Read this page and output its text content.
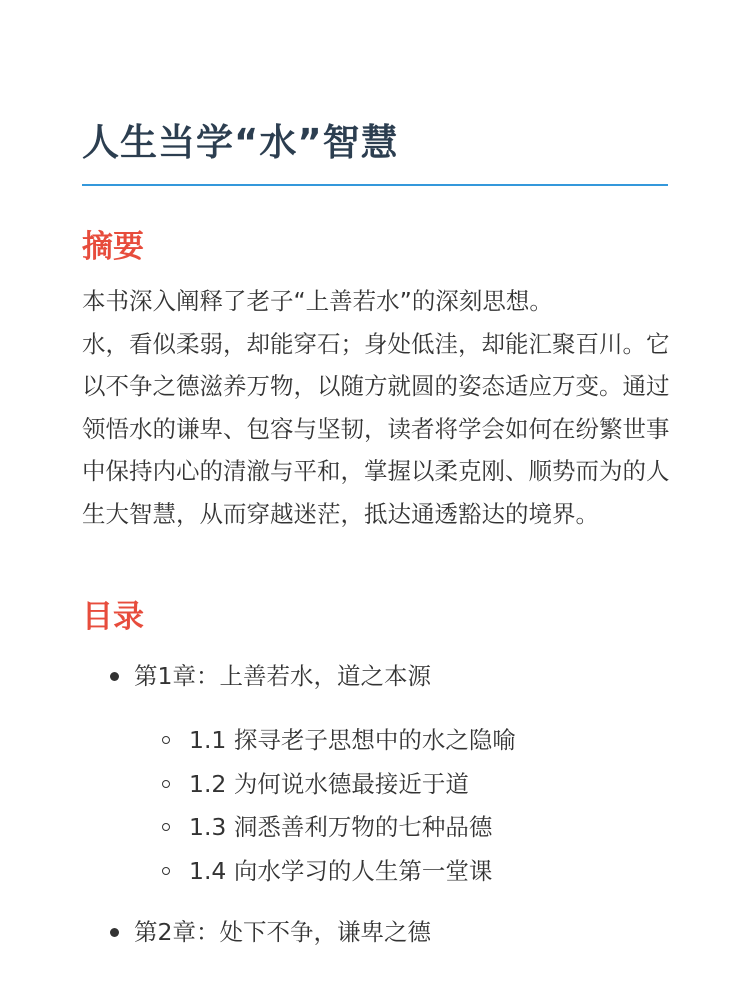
人生当学“水”智慧
摘要

本书深入阐释了老子“上善若水”的深刻思想。

水，看似柔弱，却能穿石；身处低洼，却能汇聚百川。它以不争之德滋养万物，以随方就圆的姿态适应万变。通过领悟水的谦卑、包容与坚韧，读者将学会如何在纷繁世事中保持内心的清澈与平和，掌握以柔克刚、顺势而为的人生大智慧，从而穿越迷茫，抵达通透豁达的境界。

目录
第1章：上善若水，道之本源
1.1 探寻老子思想中的水之隐喻
1.2 为何说水德最接近于道
1.3 洞悉善利万物的七种品德
1.4 向水学习的人生第一堂课
第2章：处下不争，谦卑之德
